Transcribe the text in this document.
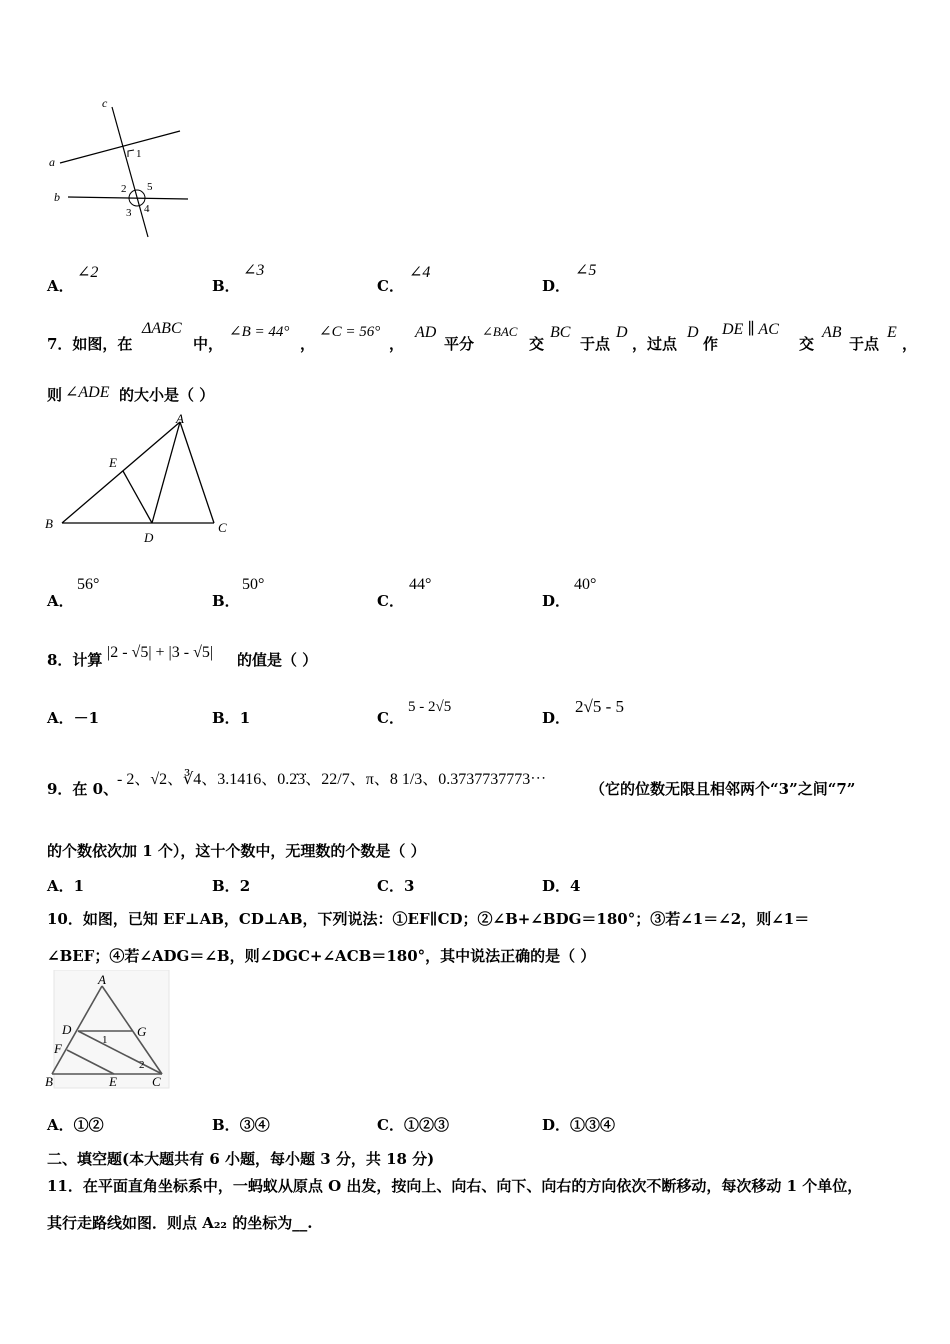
c
a
b
1
2 5
3 4
A．
∠2
B．
∠3
C．
∠4
D．
∠5
7．如图，在
ΔABC
中，
∠B = 44°
，
∠C = 56°
，
AD
平分
∠BAC
交
BC
于点
D
，过点
D
作
DE ∥ AC
交
AB
于点
E
，
则 ∠ADE 的大小是（ ）
A
E
B
D
C
A．
56°
B．
50°
C．
44°
D．
40°
8．计算 |2 - √5| + |3 - √5| 的值是（ ）
A．－1	B．1	C．
5 - 2√5
D．
2√5 - 5
9．在 0、
- 2、√2、∛4、3.1416、0.2̇3̇、22/7、π、8 1/3、0.3737737773⋯
（它的位数无限且相邻两个“3”之间“7”
的个数依次加 1 个），这十个数中，无理数的个数是（ ）
A．1	B．2	C．3	D．4
10．如图，已知 EF⊥AB，CD⊥AB，下列说法：①EF∥CD；②∠B+∠BDG＝180°；③若∠1＝∠2，则∠1＝
∠BEF；④若∠ADG＝∠B，则∠DGC+∠ACB＝180°，其中说法正确的是（ ）
A
D	G
F
1
2
B	E	C
A．①②	B．③④	C．①②③	D．①③④
二、填空题(本大题共有 6 小题，每小题 3 分，共 18 分)
11．在平面直角坐标系中，一蚂蚁从原点 O 出发，按向上、向右、向下、向右的方向依次不断移动，每次移动 1 个单位，
其行走路线如图．则点 A₂₂ 的坐标为__.
